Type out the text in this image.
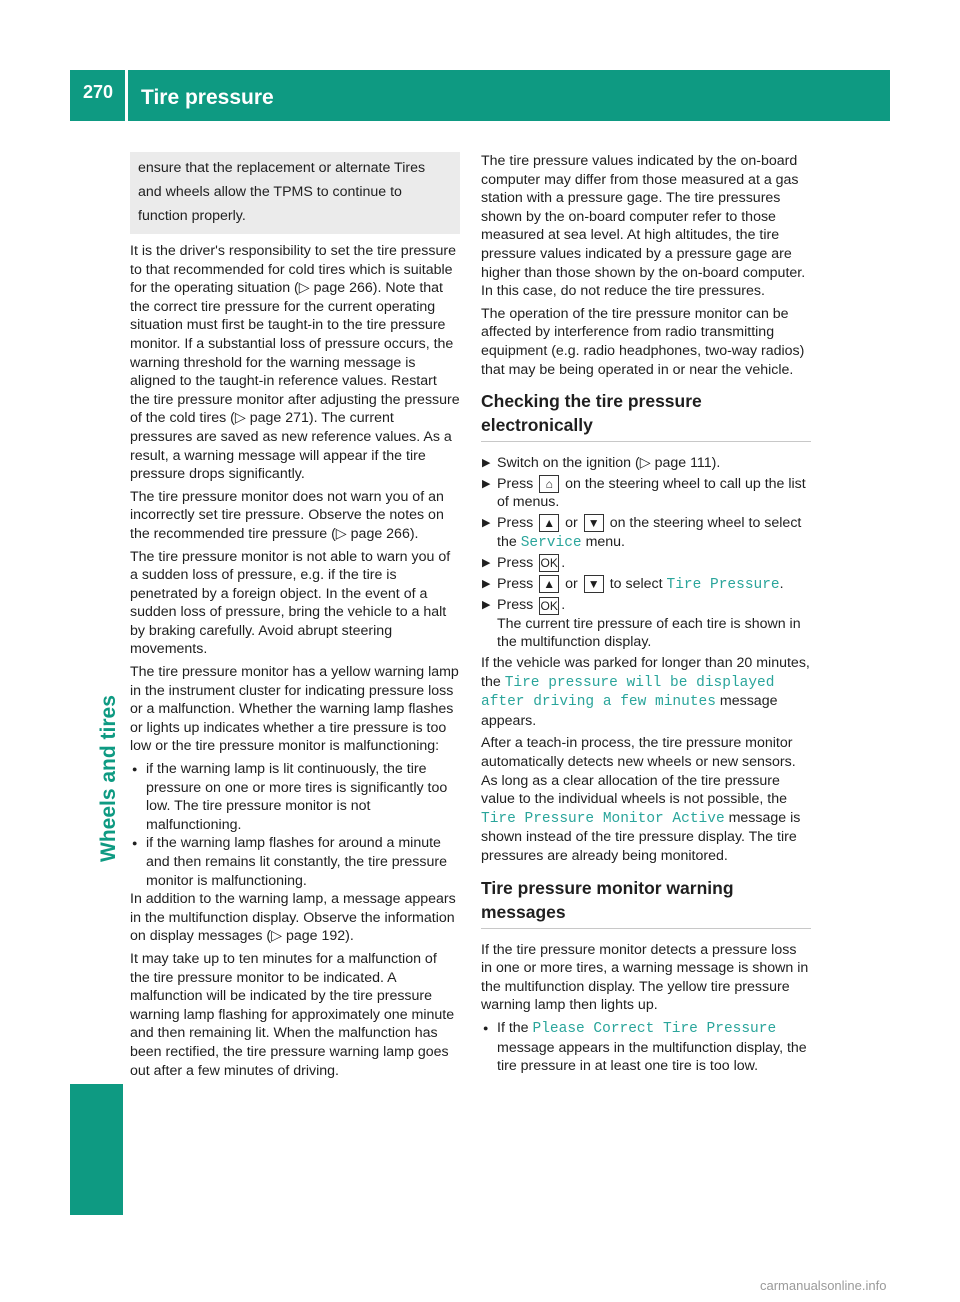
270	Tire pressure
Wheels and tires
ensure that the replacement or alternate Tires and wheels allow the TPMS to continue to function properly.

It is the driver's responsibility to set the tire pressure to that recommended for cold tires which is suitable for the operating situation (▷ page 266). Note that the correct tire pressure for the current operating situation must first be taught-in to the tire pressure monitor. If a substantial loss of pressure occurs, the warning threshold for the warning message is aligned to the taught-in reference values. Restart the tire pressure monitor after adjusting the pressure of the cold tires (▷ page 271). The current pressures are saved as new reference values. As a result, a warning message will appear if the tire pressure drops significantly.

The tire pressure monitor does not warn you of an incorrectly set tire pressure. Observe the notes on the recommended tire pressure (▷ page 266).

The tire pressure monitor is not able to warn you of a sudden loss of pressure, e.g. if the tire is penetrated by a foreign object. In the event of a sudden loss of pressure, bring the vehicle to a halt by braking carefully. Avoid abrupt steering movements.

The tire pressure monitor has a yellow warning lamp in the instrument cluster for indicating pressure loss or a malfunction. Whether the warning lamp flashes or lights up indicates whether a tire pressure is too low or the tire pressure monitor is malfunctioning:

● if the warning lamp is lit continuously, the tire pressure on one or more tires is significantly too low. The tire pressure monitor is not malfunctioning.
● if the warning lamp flashes for around a minute and then remains lit constantly, the tire pressure monitor is malfunctioning.

In addition to the warning lamp, a message appears in the multifunction display. Observe the information on display messages (▷ page 192).

It may take up to ten minutes for a malfunction of the tire pressure monitor to be indicated. A malfunction will be indicated by the tire pressure warning lamp flashing for approximately one minute and then remaining lit. When the malfunction has been rectified, the tire pressure warning lamp goes out after a few minutes of driving.

The tire pressure values indicated by the on-board computer may differ from those measured at a gas station with a pressure gage. The tire pressures shown by the on-board computer refer to those measured at sea level. At high altitudes, the tire pressure values indicated by a pressure gage are higher than those shown by the on-board computer. In this case, do not reduce the tire pressures.

The operation of the tire pressure monitor can be affected by interference from radio transmitting equipment (e.g. radio headphones, two-way radios) that may be being operated in or near the vehicle.

Checking the tire pressure electronically
▶ Switch on the ignition (▷ page 111).
▶ Press ⌂ on the steering wheel to call up the list of menus.
▶ Press ▲ or ▼ on the steering wheel to select the Service menu.
▶ Press OK .
▶ Press ▲ or ▼ to select Tire Pressure.
▶ Press OK .
The current tire pressure of each tire is shown in the multifunction display.

If the vehicle was parked for longer than 20 minutes, the Tire pressure will be displayed after driving a few minutes message appears.

After a teach-in process, the tire pressure monitor automatically detects new wheels or new sensors. As long as a clear allocation of the tire pressure value to the individual wheels is not possible, the Tire Pressure Monitor Active message is shown instead of the tire pressure display. The tire pressures are already being monitored.

Tire pressure monitor warning messages

If the tire pressure monitor detects a pressure loss in one or more tires, a warning message is shown in the multifunction display. The yellow tire pressure warning lamp then lights up.

● If the Please Correct Tire Pressure message appears in the multifunction display, the tire pressure in at least one tire is too low.
carmanualsonline.info
